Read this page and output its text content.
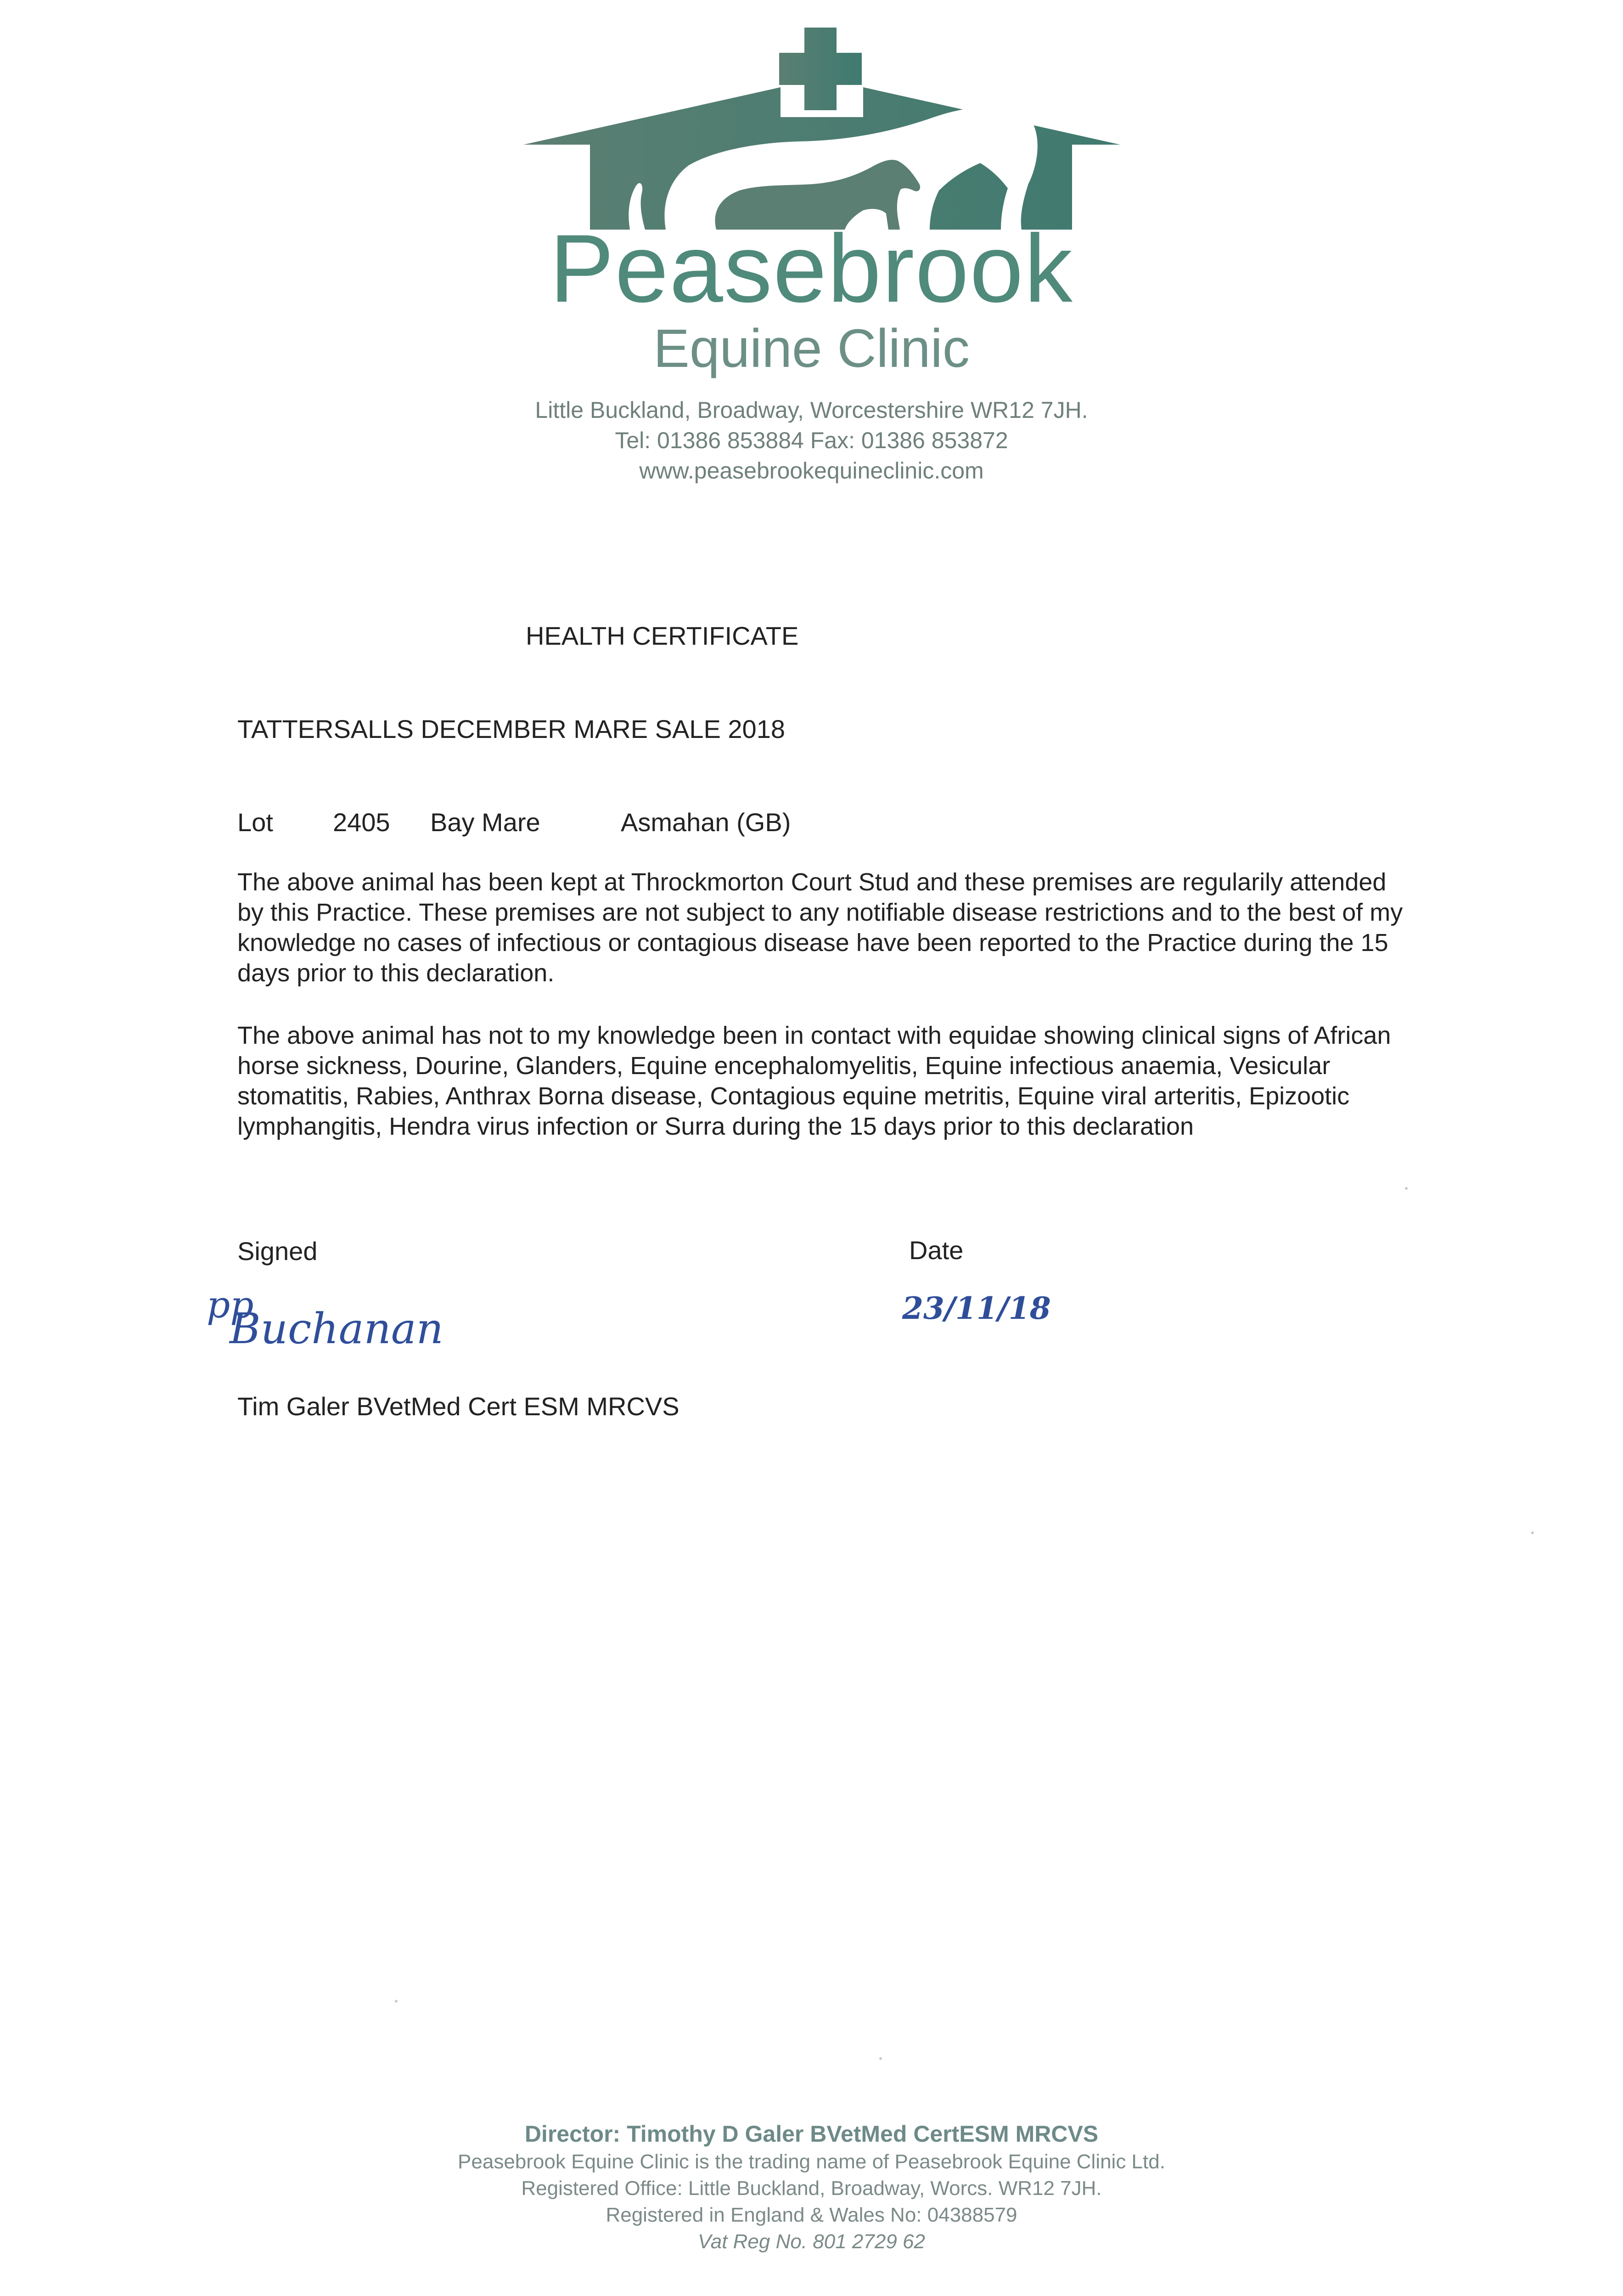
Peasebrook
Equine Clinic
Little Buckland, Broadway, Worcestershire WR12 7JH.
Tel: 01386 853884 Fax: 01386 853872
www.peasebrookequineclinic.com
HEALTH CERTIFICATE
TATTERSALLS DECEMBER MARE SALE 2018
Lot 2405 Bay Mare	Asmahan (GB)
The above animal has been kept at Throckmorton Court Stud and these premises are regularily attended by this Practice. These premises are not subject to any notifiable disease restrictions and to the best of my knowledge no cases of infectious or contagious disease have been reported to the Practice during the 15 days prior to this declaration.
The above animal has not to my knowledge been in contact with equidae showing clinical signs of African horse sickness, Dourine, Glanders, Equine encephalomyelitis, Equine infectious anaemia, Vesicular stomatitis, Rabies, Anthrax Borna disease, Contagious equine metritis, Equine viral arteritis, Epizootic lymphangitis, Hendra virus infection or Surra during the 15 days prior to this declaration
Signed	Date
pp
Buchanan	23/11/18
Tim Galer BVetMed Cert ESM MRCVS
Director: Timothy D Galer BVetMed CertESM MRCVS
Peasebrook Equine Clinic is the trading name of Peasebrook Equine Clinic Ltd.
Registered Office: Little Buckland, Broadway, Worcs. WR12 7JH.
Registered in England & Wales No: 04388579
Vat Reg No. 801 2729 62
